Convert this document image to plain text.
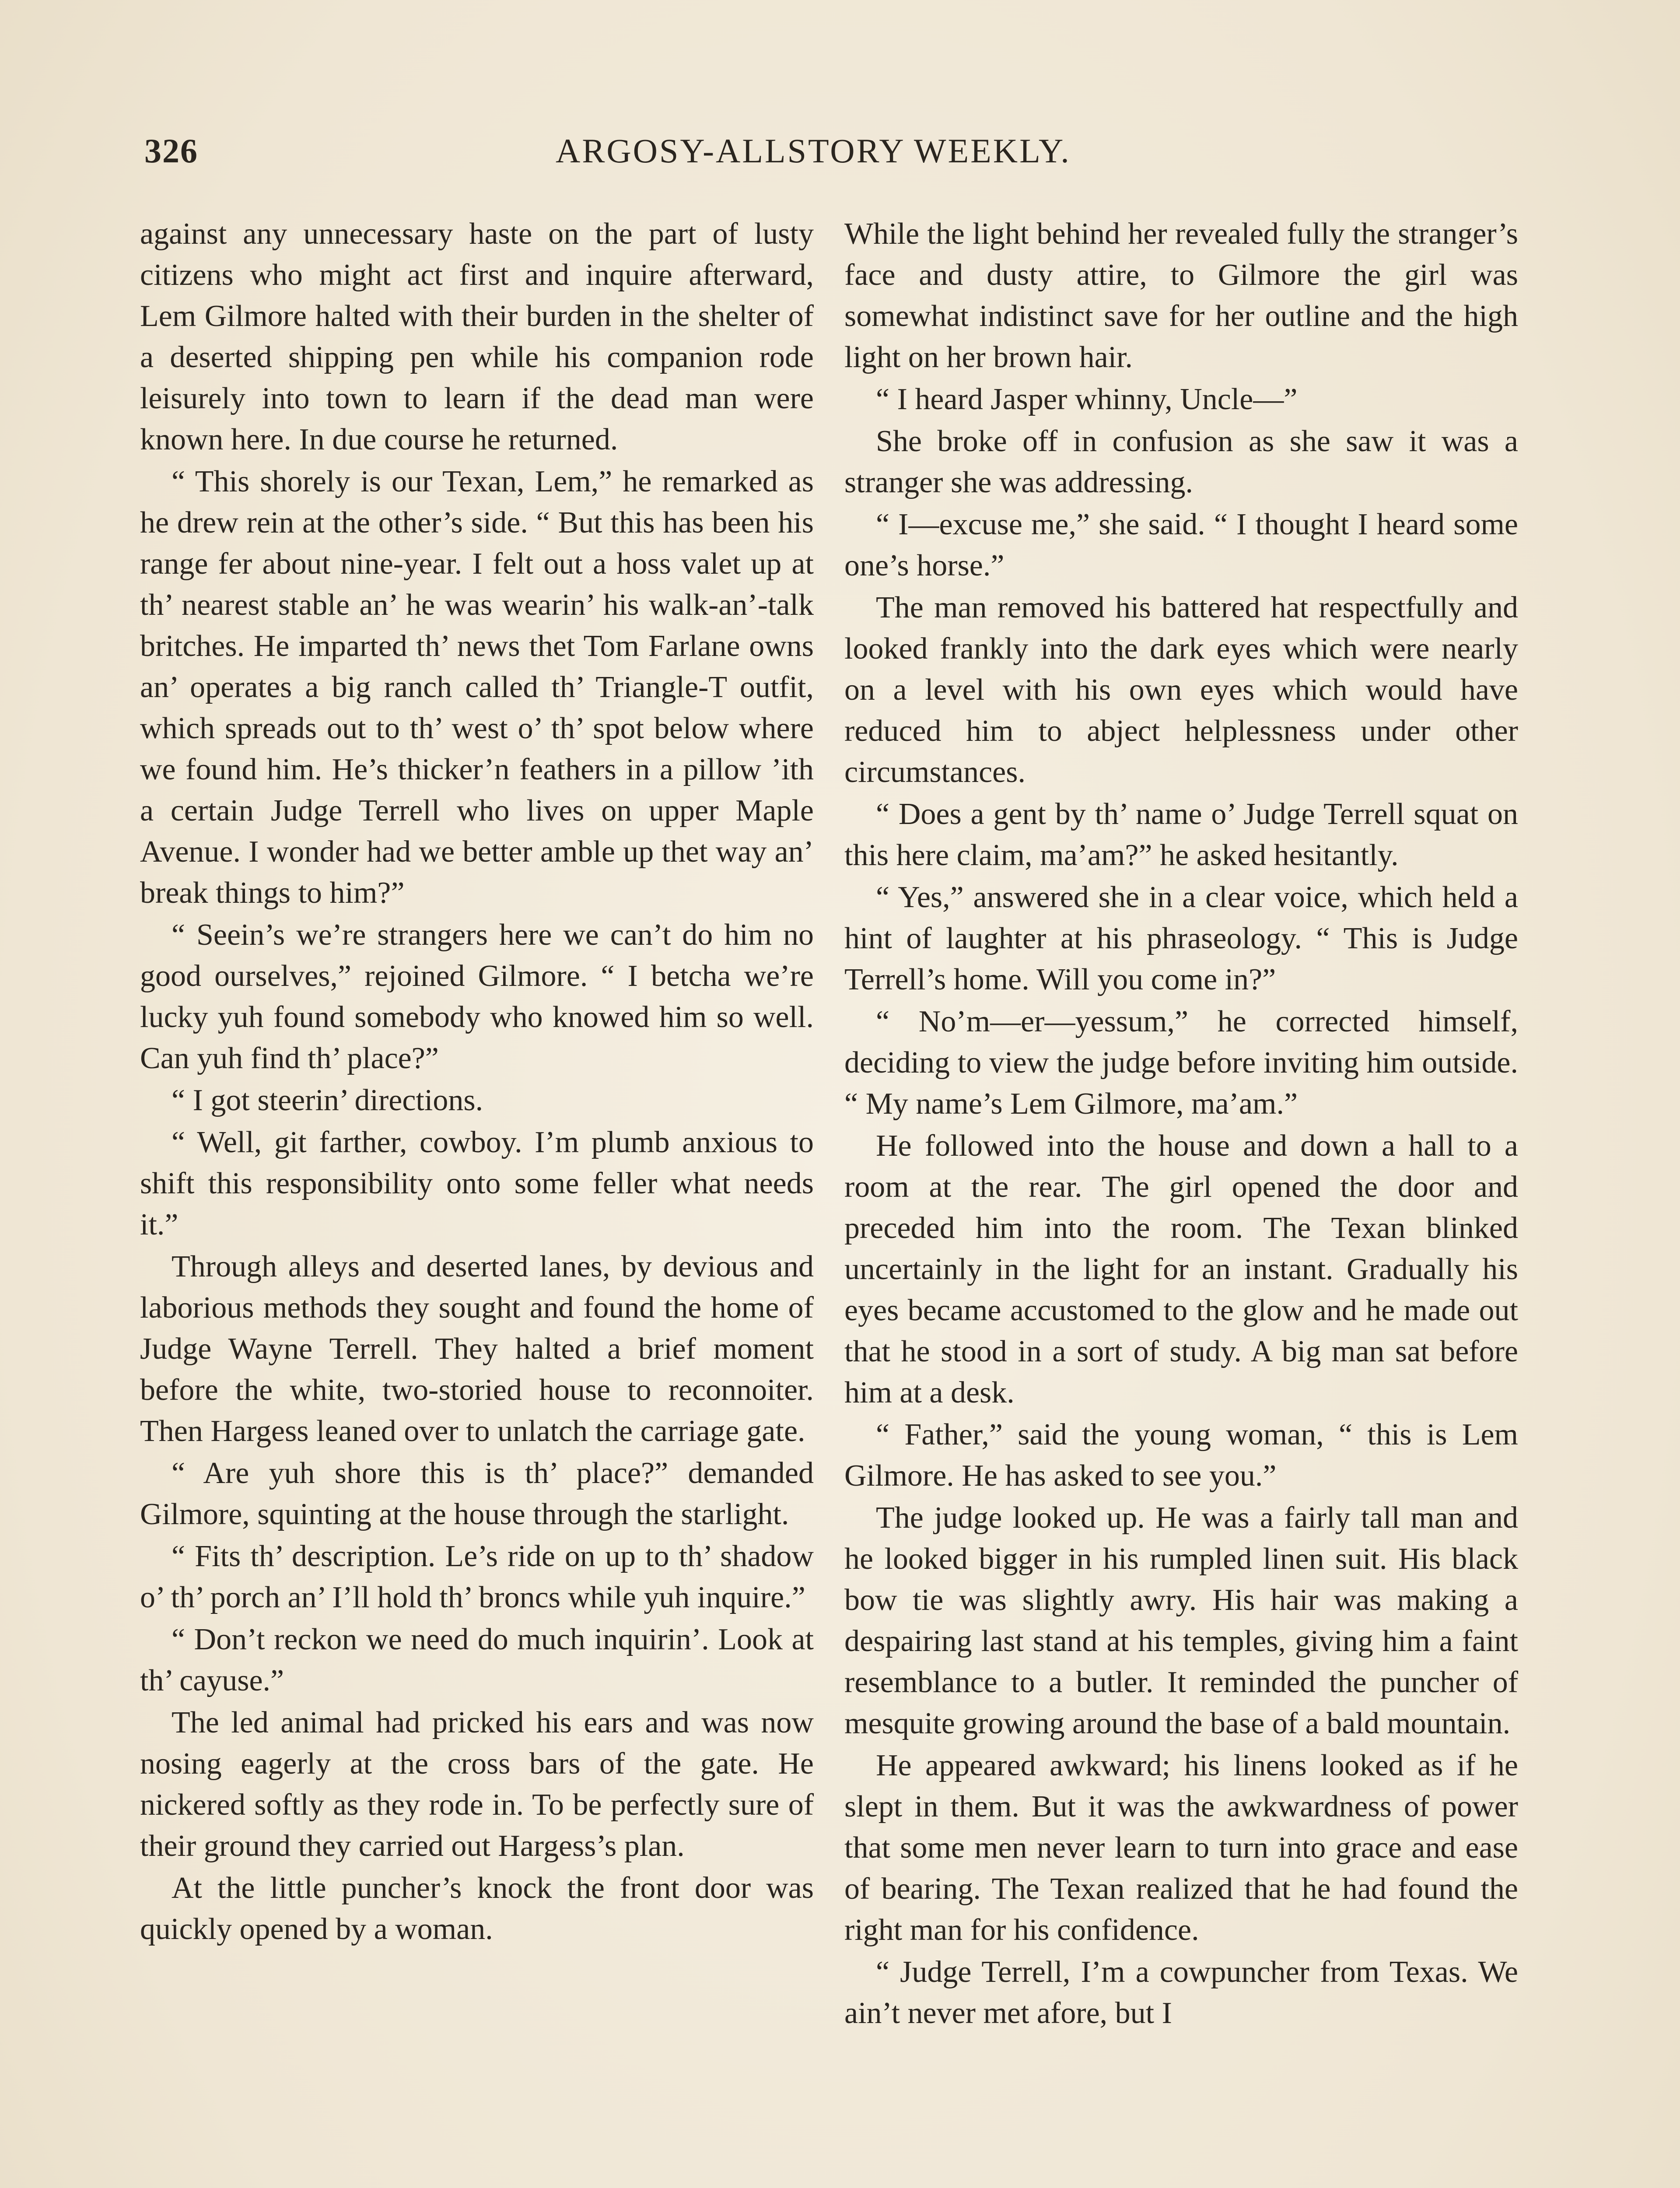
326	ARGOSY-ALLSTORY WEEKLY.

against any unnecessary haste on the part of lusty citizens who might act first and inquire afterward, Lem Gilmore halted with their burden in the shelter of a deserted shipping pen while his companion rode leisurely into town to learn if the dead man were known here. In due course he returned.

“ This shorely is our Texan, Lem,” he remarked as he drew rein at the other’s side. “ But this has been his range fer about nine-year. I felt out a hoss valet up at th’ nearest stable an’ he was wearin’ his walk-an’-talk britches. He imparted th’ news thet Tom Farlane owns an’ operates a big ranch called th’ Triangle-T outfit, which spreads out to th’ west o’ th’ spot below where we found him. He’s thicker’n feathers in a pillow ’ith a certain Judge Terrell who lives on upper Maple Avenue. I wonder had we better amble up thet way an’ break things to him?”

“ Seein’s we’re strangers here we can’t do him no good ourselves,” rejoined Gilmore. “ I betcha we’re lucky yuh found somebody who knowed him so well. Can yuh find th’ place?”

“ I got steerin’ directions.

“ Well, git farther, cowboy. I’m plumb anxious to shift this responsibility onto some feller what needs it.”

Through alleys and deserted lanes, by devious and laborious methods they sought and found the home of Judge Wayne Terrell. They halted a brief moment before the white, two-storied house to reconnoiter. Then Hargess leaned over to unlatch the carriage gate.

“ Are yuh shore this is th’ place?” demanded Gilmore, squinting at the house through the starlight.

“ Fits th’ description. Le’s ride on up to th’ shadow o’ th’ porch an’ I’ll hold th’ broncs while yuh inquire.”

“ Don’t reckon we need do much inquirin’. Look at th’ cayuse.”

The led animal had pricked his ears and was now nosing eagerly at the cross bars of the gate. He nickered softly as they rode in. To be perfectly sure of their ground they carried out Hargess’s plan.

At the little puncher’s knock the front door was quickly opened by a woman.

While the light behind her revealed fully the stranger’s face and dusty attire, to Gilmore the girl was somewhat indistinct save for her outline and the high light on her brown hair.

“ I heard Jasper whinny, Uncle—”

She broke off in confusion as she saw it was a stranger she was addressing.

“ I—excuse me,” she said. “ I thought I heard some one’s horse.”

The man removed his battered hat respectfully and looked frankly into the dark eyes which were nearly on a level with his own eyes which would have reduced him to abject helplessness under other circumstances.

“ Does a gent by th’ name o’ Judge Terrell squat on this here claim, ma’am?” he asked hesitantly.

“ Yes,” answered she in a clear voice, which held a hint of laughter at his phraseology. “ This is Judge Terrell’s home. Will you come in?”

“ No’m—er—yessum,” he corrected himself, deciding to view the judge before inviting him outside. “ My name’s Lem Gilmore, ma’am.”

He followed into the house and down a hall to a room at the rear. The girl opened the door and preceded him into the room. The Texan blinked uncertainly in the light for an instant. Gradually his eyes became accustomed to the glow and he made out that he stood in a sort of study. A big man sat before him at a desk.

“ Father,” said the young woman, “ this is Lem Gilmore. He has asked to see you.”

The judge looked up. He was a fairly tall man and he looked bigger in his rumpled linen suit. His black bow tie was slightly awry. His hair was making a despairing last stand at his temples, giving him a faint resemblance to a butler. It reminded the puncher of mesquite growing around the base of a bald mountain.

He appeared awkward; his linens looked as if he slept in them. But it was the awkwardness of power that some men never learn to turn into grace and ease of bearing. The Texan realized that he had found the right man for his confidence.

“ Judge Terrell, I’m a cowpuncher from Texas. We ain’t never met afore, but I
